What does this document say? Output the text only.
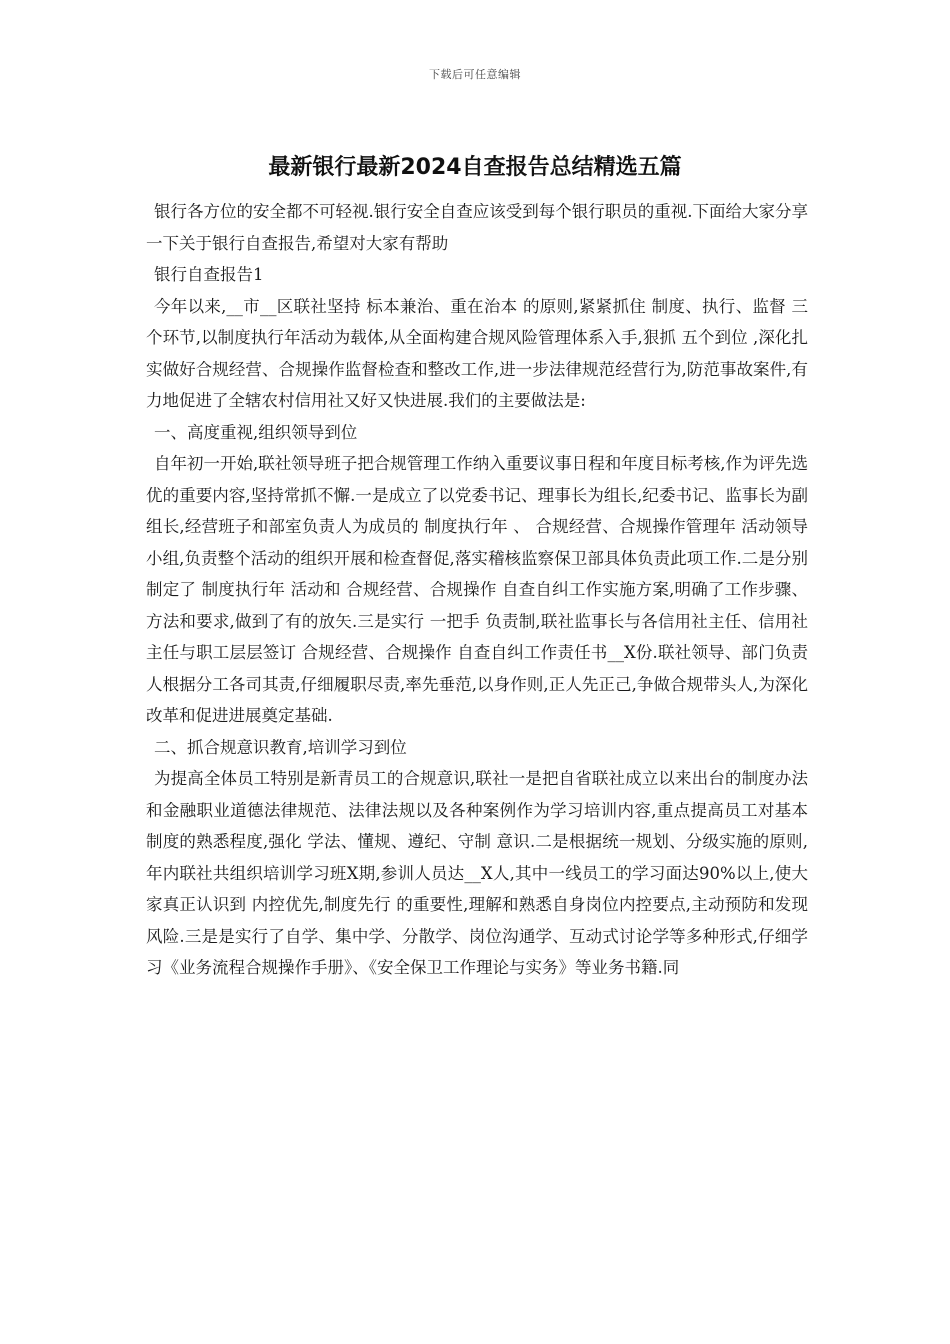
下载后可任意编辑
最新银行最新2024自查报告总结精选五篇

银行各方位的安全都不可轻视.银行安全自查应该受到每个银行职员的重视.下面给大家分享一下关于银行自查报告,希望对大家有帮助

银行自查报告1

今年以来,__市__区联社坚持 标本兼治、重在治本 的原则,紧紧抓住 制度、执行、监督 三个环节,以制度执行年活动为载体,从全面构建合规风险管理体系入手,狠抓 五个到位 ,深化扎实做好合规经营、合规操作监督检查和整改工作,进一步法律规范经营行为,防范事故案件,有力地促进了全辖农村信用社又好又快进展.我们的主要做法是:

一、高度重视,组织领导到位

自年初一开始,联社领导班子把合规管理工作纳入重要议事日程和年度目标考核,作为评先选优的重要内容,坚持常抓不懈.一是成立了以党委书记、理事长为组长,纪委书记、监事长为副组长,经营班子和部室负责人为成员的 制度执行年 、 合规经营、合规操作管理年 活动领导小组,负责整个活动的组织开展和检查督促,落实稽核监察保卫部具体负责此项工作.二是分别制定了 制度执行年 活动和 合规经营、合规操作 自查自纠工作实施方案,明确了工作步骤、方法和要求,做到了有的放矢.三是实行 一把手 负责制,联社监事长与各信用社主任、信用社主任与职工层层签订 合规经营、合规操作 自查自纠工作责任书__X份.联社领导、部门负责人根据分工各司其责,仔细履职尽责,率先垂范,以身作则,正人先正己,争做合规带头人,为深化改革和促进进展奠定基础.

二、抓合规意识教育,培训学习到位

为提高全体员工特别是新青员工的合规意识,联社一是把自省联社成立以来出台的制度办法和金融职业道德法律规范、法律法规以及各种案例作为学习培训内容,重点提高员工对基本制度的熟悉程度,强化 学法、懂规、遵纪、守制 意识.二是根据统一规划、分级实施的原则,年内联社共组织培训学习班X期,参训人员达__X人,其中一线员工的学习面达90%以上,使大家真正认识到 内控优先,制度先行 的重要性,理解和熟悉自身岗位内控要点,主动预防和发现风险.三是是实行了自学、集中学、分散学、岗位沟通学、互动式讨论学等多种形式,仔细学习《业务流程合规操作手册》、《安全保卫工作理论与实务》等业务书籍.同
